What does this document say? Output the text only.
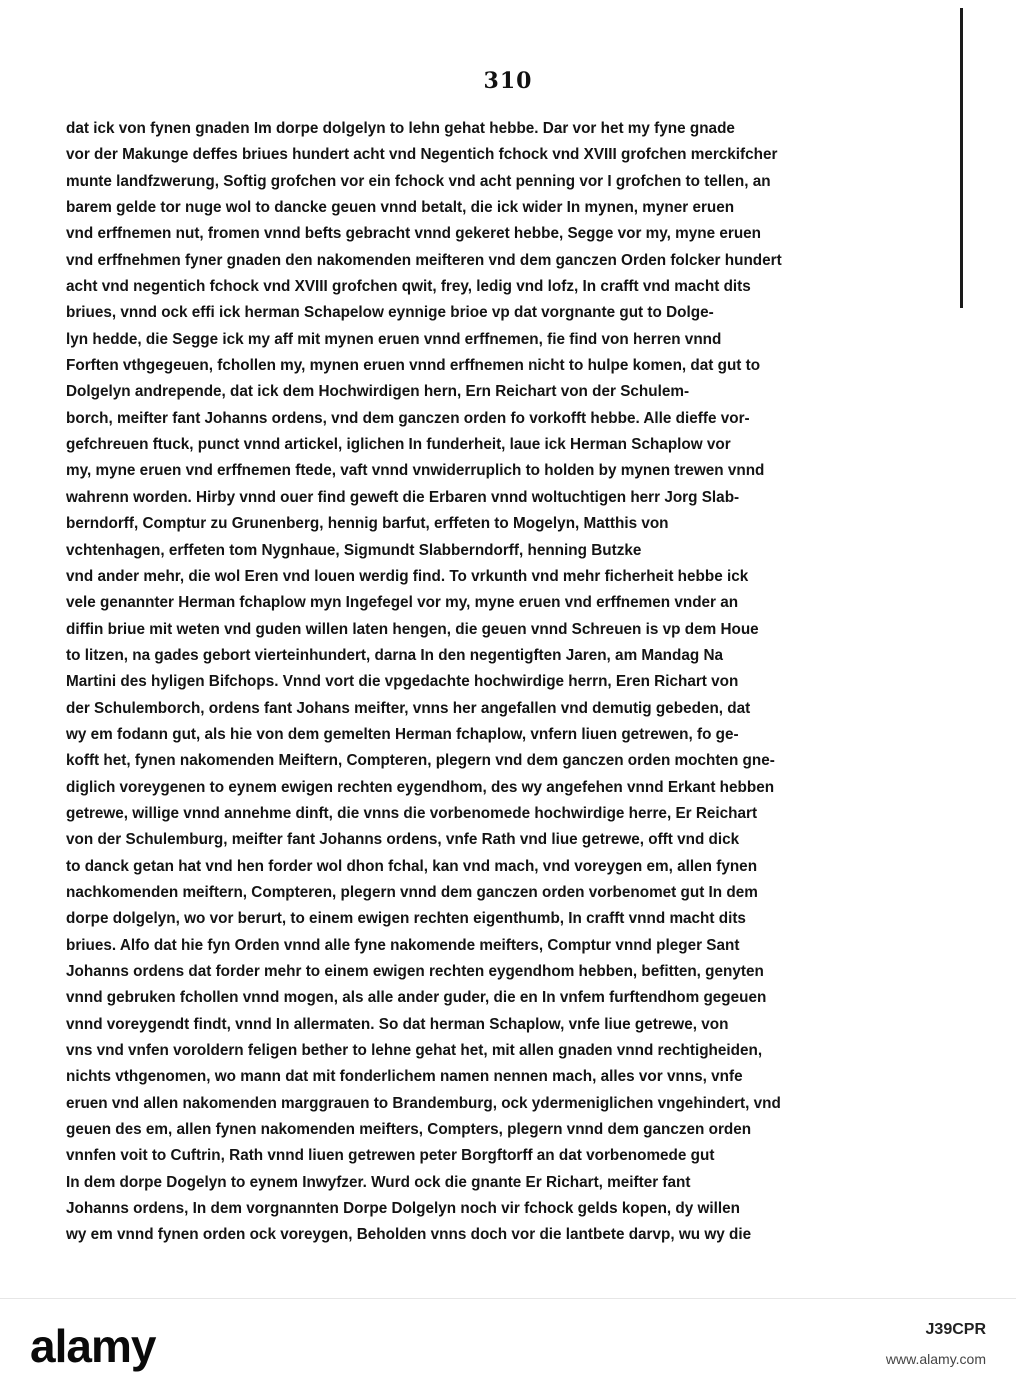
310
dat ick von fynen gnaden Im dorpe dolgelyn to lehn gehat hebbe. Dar vor het my fyne gnade
vor der Makunge deffes briues hundert acht vnd Negentich fchock vnd XVIII grofchen merckifcher
munte landfzwerung, Softig grofchen vor ein fchock vnd acht penning vor I grofchen to tellen, an
barem gelde tor nuge wol to dancke geuen vnnd betalt, die ick wider In mynen, myner eruen
vnd erffnemen nut, fromen vnnd befts gebracht vnnd gekeret hebbe, Segge vor my, myne eruen
vnd erffnehmen fyner gnaden den nakomenden meifteren vnd dem ganczen Orden folcker hundert
acht vnd negentich fchock vnd XVIII grofchen qwit, frey, ledig vnd lofz, In crafft vnd macht dits
briues, vnnd ock effi ick herman Schapelow eynnige brioe vp dat vorgnante gut to Dolge-
lyn hedde, die Segge ick my aff mit mynen eruen vnnd erffnemen, fie find von herren vnnd
Forften vthgegeuen, fchollen my, mynen eruen vnnd erffnemen nicht to hulpe komen, dat gut to
Dolgelyn andrepende, dat ick dem Hochwirdigen hern, Ern Reichart von der Schulem-
borch, meifter fant Johanns ordens, vnd dem ganczen orden fo vorkofft hebbe. Alle dieffe vor-
gefchreuen ftuck, punct vnnd artickel, iglichen In funderheit, laue ick Herman Schaplow vor
my, myne eruen vnd erffnemen ftede, vaft vnnd vnwiderruplich to holden by mynen trewen vnnd
wahrenn worden. Hirby vnnd ouer find geweft die Erbaren vnnd woltuchtigen herr Jorg Slab-
berndorff, Comptur zu Grunenberg, hennig barfut, erffeten to Mogelyn, Matthis von
vchtenhagen, erffeten tom Nygnhaue, Sigmundt Slabberndorff, henning Butzke
vnd ander mehr, die wol Eren vnd louen werdig find. To vrkunth vnd mehr ficherheit hebbe ick
vele genannter Herman fchaplow myn Ingefegel vor my, myne eruen vnd erffnemen vnder an
diffin briue mit weten vnd guden willen laten hengen, die geuen vnnd Schreuen is vp dem Houe
to litzen, na gades gebort vierteinhundert, darna In den negentigften Jaren, am Mandag Na
Martini des hyligen Bifchops. Vnnd vort die vpgedachte hochwirdige herrn, Eren Richart von
der Schulemborch, ordens fant Johans meifter, vnns her angefallen vnd demutig gebeden, dat
wy em fodann gut, als hie von dem gemelten Herman fchaplow, vnfern liuen getrewen, fo ge-
kofft het, fynen nakomenden Meiftern, Compteren, plegern vnd dem ganczen orden mochten gne-
diglich voreygenen to eynem ewigen rechten eygendhom, des wy angefehen vnnd Erkant hebben
getrewe, willige vnnd annehme dinft, die vnns die vorbenomede hochwirdige herre, Er Reichart
von der Schulemburg, meifter fant Johanns ordens, vnfe Rath vnd liue getrewe, offt vnd dick
to danck getan hat vnd hen forder wol dhon fchal, kan vnd mach, vnd voreygen em, allen fynen
nachkomenden meiftern, Compteren, plegern vnnd dem ganczen orden vorbenomet gut In dem
dorpe dolgelyn, wo vor berurt, to einem ewigen rechten eigenthumb, In crafft vnnd macht dits
briues. Alfo dat hie fyn Orden vnnd alle fyne nakomende meifters, Comptur vnnd pleger Sant
Johanns ordens dat forder mehr to einem ewigen rechten eygendhom hebben, befitten, genyten
vnnd gebruken fchollen vnnd mogen, als alle ander guder, die en In vnfem furftendhom gegeuen
vnnd voreygendt findt, vnnd In allermaten. So dat herman Schaplow, vnfe liue getrewe, von
vns vnd vnfen voroldern feligen bether to lehne gehat het, mit allen gnaden vnnd rechtigheiden,
nichts vthgenomen, wo mann dat mit fonderlichem namen nennen mach, alles vor vnns, vnfe
eruen vnd allen nakomenden marggrauen to Brandemburg, ock ydermeniglichen vngehindert, vnd
geuen des em, allen fynen nakomenden meifters, Compters, plegern vnnd dem ganczen orden
vnnfen voit to Cuftrin, Rath vnnd liuen getrewen peter Borgftorff an dat vorbenomede gut
In dem dorpe Dogelyn to eynem Inwyfzer. Wurd ock die gnante Er Richart, meifter fant
Johanns ordens, In dem vorgnannten Dorpe Dolgelyn noch vir fchock gelds kopen, dy willen
wy em vnnd fynen orden ock voreygen, Beholden vnns doch vor die lantbete darvp, wu wy die
alamy	J39CPR
www.alamy.com
